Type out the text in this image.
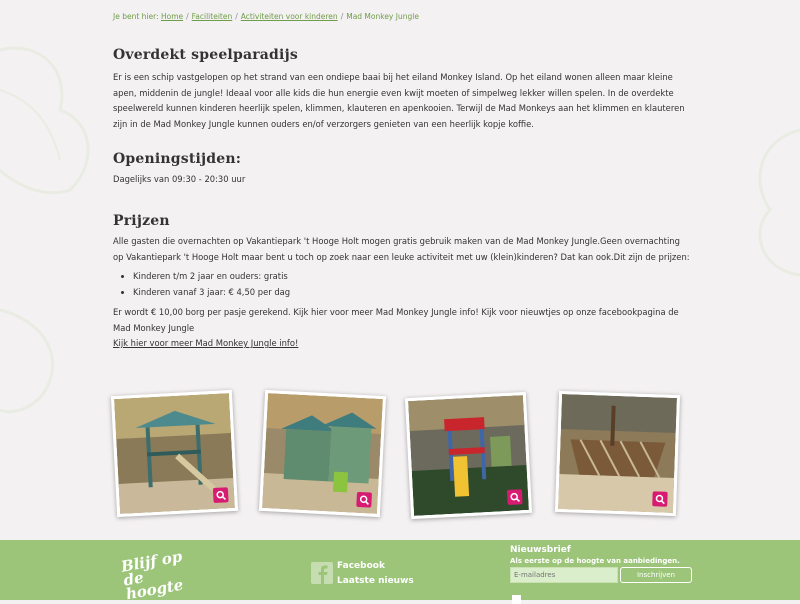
Je bent hier: Home / Faciliteiten / Activiteiten voor kinderen / Mad Monkey Jungle
Overdekt speelparadijs

Er is een schip vastgelopen op het strand van een ondiepe baai bij het eiland Monkey Island. Op het eiland wonen alleen maar kleine apen, middenin de jungle! Ideaal voor alle kids die hun energie even kwijt moeten of simpelweg lekker willen spelen. In de overdekte speelwereld kunnen kinderen heerlijk spelen, klimmen, klauteren en apenkooien. Terwijl de Mad Monkeys aan het klimmen en klauteren zijn in de Mad Monkey Jungle kunnen ouders en/of verzorgers genieten van een heerlijk kopje koffie.

Openingstijden:

Dagelijks van 09:30 - 20:30 uur

Prijzen

Alle gasten die overnachten op Vakantiepark 't Hooge Holt mogen gratis gebruik maken van de Mad Monkey Jungle.Geen overnachting op Vakantiepark 't Hooge Holt maar bent u toch op zoek naar een leuke activiteit met uw (klein)kinderen? Dat kan ook.Dit zijn de prijzen:

• Kinderen t/m 2 jaar en ouders: gratis
• Kinderen vanaf 3 jaar: € 4,50 per dag

Er wordt € 10,00 borg per pasje gerekend. Kijk hier voor meer Mad Monkey Jungle info! Kijk voor nieuwtjes op onze facebookpagina de Mad Monkey Jungle

Kijk hier voor meer Mad Monkey Jungle info!
Blijf op de hoogte
Facebook
Laatste nieuws
Nieuwsbrief
Als eerste op de hoogte van aanbiedingen.
E-mailadres
Inschrijven
